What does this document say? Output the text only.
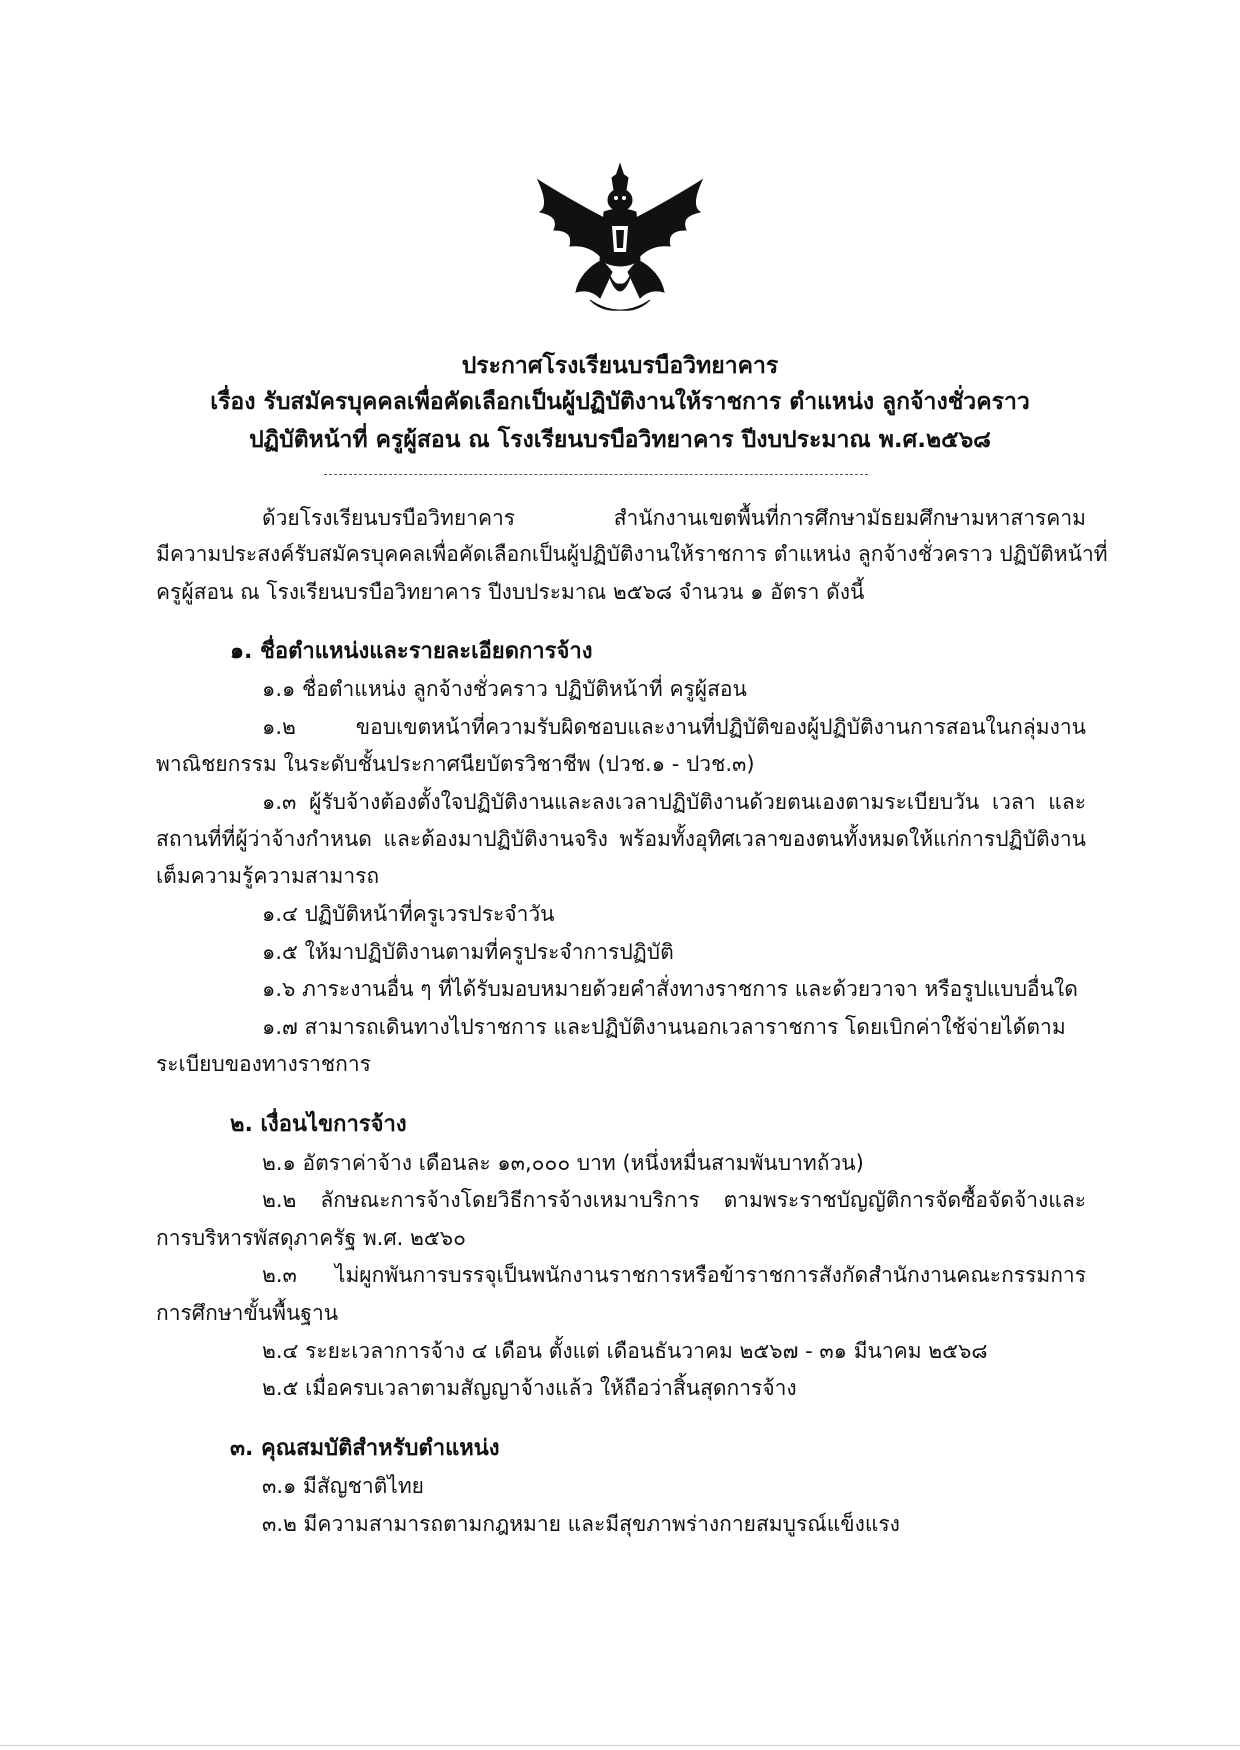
ประกาศโรงเรียนบรบือวิทยาคาร
เรื่อง รับสมัครบุคคลเพื่อคัดเลือกเป็นผู้ปฏิบัติงานให้ราชการ ตำแหน่ง ลูกจ้างชั่วคราว
ปฏิบัติหน้าที่ ครูผู้สอน ณ โรงเรียนบรบือวิทยาคาร ปีงบประมาณ พ.ศ.๒๕๖๘
ด้วยโรงเรียนบรบือวิทยาคาร สำนักงานเขตพื้นที่การศึกษามัธยมศึกษามหาสารคาม
มีความประสงค์รับสมัครบุคคลเพื่อคัดเลือกเป็นผู้ปฏิบัติงานให้ราชการ ตำแหน่ง ลูกจ้างชั่วคราว ปฏิบัติหน้าที่
ครูผู้สอน ณ โรงเรียนบรบือวิทยาคาร ปีงบประมาณ ๒๕๖๘ จำนวน ๑ อัตรา ดังนี้
๑. ชื่อตำแหน่งและรายละเอียดการจ้าง
๑.๑ ชื่อตำแหน่ง ลูกจ้างชั่วคราว ปฏิบัติหน้าที่ ครูผู้สอน
๑.๒ ขอบเขตหน้าที่ความรับผิดชอบและงานที่ปฏิบัติของผู้ปฏิบัติงานการสอนในกลุ่มงาน
พาณิชยกรรม ในระดับชั้นประกาศนียบัตรวิชาชีพ (ปวช.๑ - ปวช.๓)
๑.๓ ผู้รับจ้างต้องตั้งใจปฏิบัติงานและลงเวลาปฏิบัติงานด้วยตนเองตามระเบียบวัน เวลา และ
สถานที่ที่ผู้ว่าจ้างกำหนด และต้องมาปฏิบัติงานจริง พร้อมทั้งอุทิศเวลาของตนทั้งหมดให้แก่การปฏิบัติงาน
เต็มความรู้ความสามารถ
๑.๔ ปฏิบัติหน้าที่ครูเวรประจำวัน
๑.๕ ให้มาปฏิบัติงานตามที่ครูประจำการปฏิบัติ
๑.๖ ภาระงานอื่น ๆ ที่ได้รับมอบหมายด้วยคำสั่งทางราชการ และด้วยวาจา หรือรูปแบบอื่นใด
๑.๗ สามารถเดินทางไปราชการ และปฏิบัติงานนอกเวลาราชการ โดยเบิกค่าใช้จ่ายได้ตาม
ระเบียบของทางราชการ
๒. เงื่อนไขการจ้าง
๒.๑ อัตราค่าจ้าง เดือนละ ๑๓,๐๐๐ บาท (หนึ่งหมื่นสามพันบาทถ้วน)
๒.๒ ลักษณะการจ้างโดยวิธีการจ้างเหมาบริการ ตามพระราชบัญญัติการจัดซื้อจัดจ้างและ
การบริหารพัสดุภาครัฐ พ.ศ. ๒๕๖๐
๒.๓ ไม่ผูกพันการบรรจุเป็นพนักงานราชการหรือข้าราชการสังกัดสำนักงานคณะกรรมการ
การศึกษาขั้นพื้นฐาน
๒.๔ ระยะเวลาการจ้าง ๔ เดือน ตั้งแต่ เดือนธันวาคม ๒๕๖๗ - ๓๑ มีนาคม ๒๕๖๘
๒.๕ เมื่อครบเวลาตามสัญญาจ้างแล้ว ให้ถือว่าสิ้นสุดการจ้าง
๓. คุณสมบัติสำหรับตำแหน่ง
๓.๑ มีสัญชาติไทย
๓.๒ มีความสามารถตามกฎหมาย และมีสุขภาพร่างกายสมบูรณ์แข็งแรง
